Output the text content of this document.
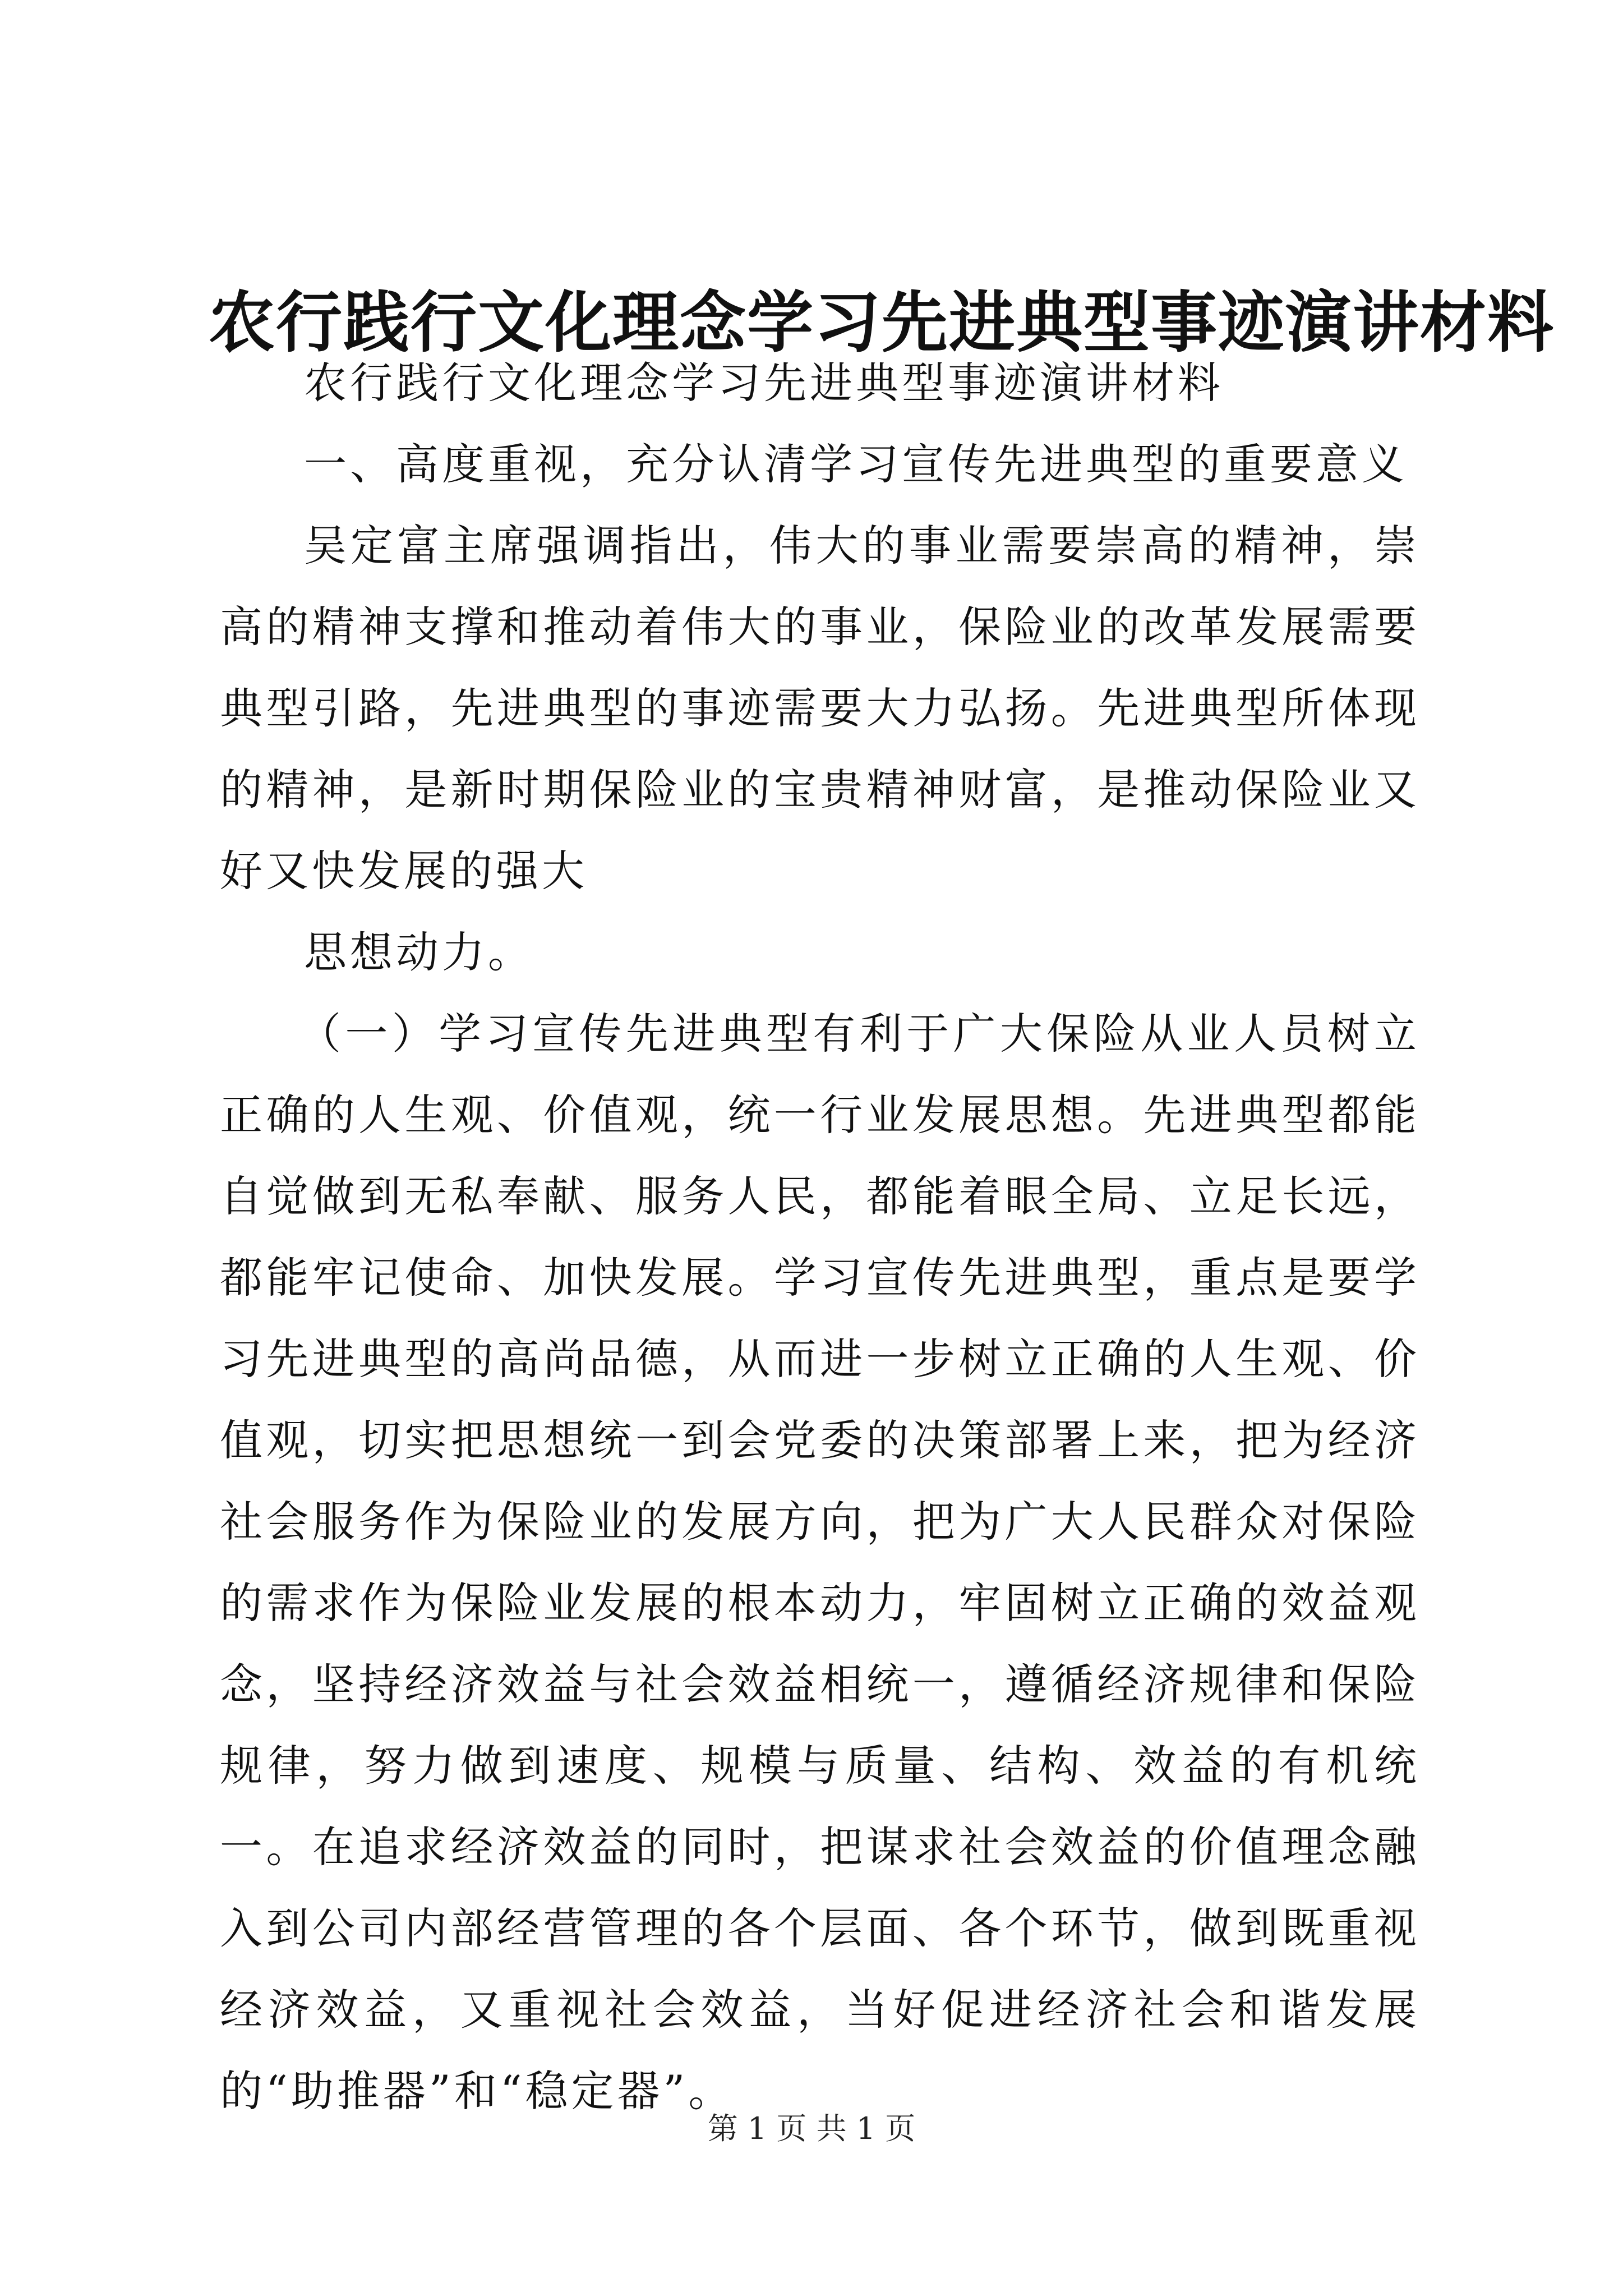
农行践行文化理念学习先进典型事迹演讲材料

农行践行文化理念学习先进典型事迹演讲材料

一、高度重视，充分认清学习宣传先进典型的重要意义

吴定富主席强调指出，伟大的事业需要崇高的精神，崇高的精神支撑和推动着伟大的事业，保险业的改革发展需要典型引路，先进典型的事迹需要大力弘扬。先进典型所体现的精神，是新时期保险业的宝贵精神财富，是推动保险业又好又快发展的强大

思想动力。

（一）学习宣传先进典型有利于广大保险从业人员树立正确的人生观、价值观，统一行业发展思想。先进典型都能自觉做到无私奉献、服务人民，都能着眼全局、立足长远，都能牢记使命、加快发展。学习宣传先进典型，重点是要学习先进典型的高尚品德，从而进一步树立正确的人生观、价值观，切实把思想统一到会党委的决策部署上来，把为经济社会服务作为保险业的发展方向，把为广大人民群众对保险的需求作为保险业发展的根本动力，牢固树立正确的效益观念，坚持经济效益与社会效益相统一，遵循经济规律和保险规律，努力做到速度、规模与质量、结构、效益的有机统一。在追求经济效益的同时，把谋求社会效益的价值理念融入到公司内部经营管理的各个层面、各个环节，做到既重视经济效益，又重视社会效益，当好促进经济社会和谐发展的“助推器”和“稳定器”。

第 1 页 共 1 页
